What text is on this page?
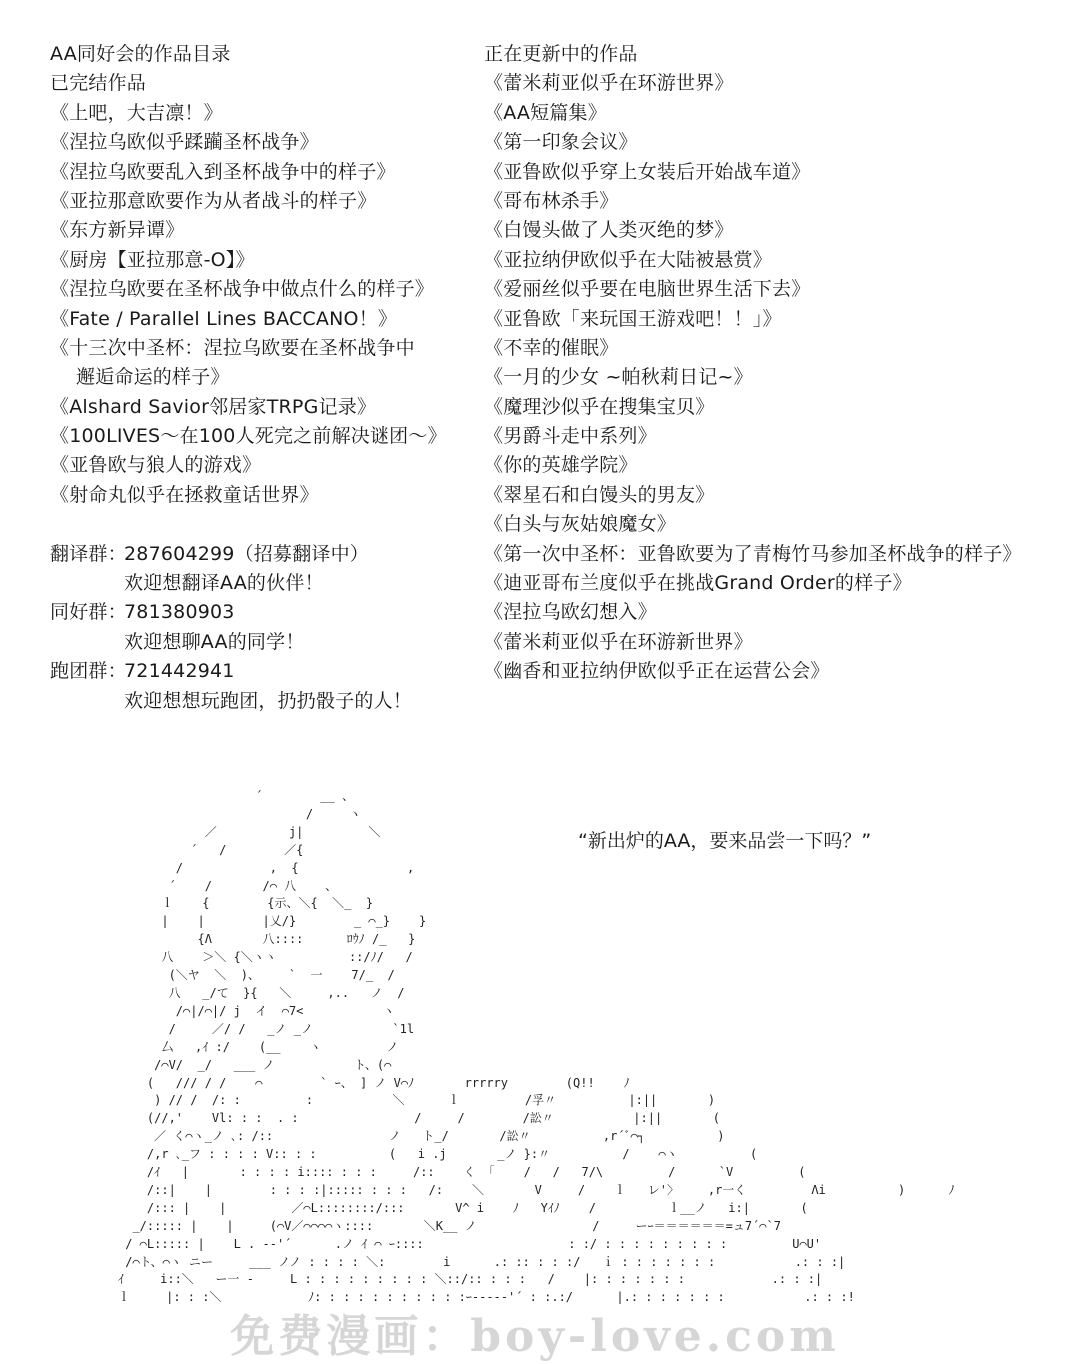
AA同好会的作品目录
已完结作品
《上吧，大吉凛！》
《涅拉乌欧似乎蹂躏圣杯战争》
《涅拉乌欧要乱入到圣杯战争中的样子》
《亚拉那意欧要作为从者战斗的样子》
《东方新异谭》
《厨房【亚拉那意-O】》
《涅拉乌欧要在圣杯战争中做点什么的样子》
《Fate / Parallel Lines BACCANO！》
《十三次中圣杯：涅拉乌欧要在圣杯战争中
邂逅命运的样子》
《Alshard Savior邻居家TRPG记录》
《100LIVES～在100人死完之前解决谜团～》
《亚鲁欧与狼人的游戏》
《射命丸似乎在拯救童话世界》
翻译群：
287604299（招募翻译中）
欢迎想翻译AA的伙伴！
同好群：
781380903
欢迎想聊AA的同学！
跑团群：
721442941
欢迎想想玩跑团，扔扔骰子的人！
正在更新中的作品
《蕾米莉亚似乎在环游世界》
《AA短篇集》
《第一印象会议》
《亚鲁欧似乎穿上女装后开始战车道》
《哥布林杀手》
《白馒头做了人类灭绝的梦》
《亚拉纳伊欧似乎在大陆被悬赏》
《爱丽丝似乎要在电脑世界生活下去》
《亚鲁欧「来玩国王游戏吧！！」》
《不幸的催眠》
《一月的少女 ~帕秋莉日记~》
《魔理沙似乎在搜集宝贝》
《男爵斗走中系列》
《你的英雄学院》
《翠星石和白馒头的男友》
《白头与灰姑娘魔女》
《第一次中圣杯：亚鲁欧要为了青梅竹马参加圣杯战争的样子》
《迪亚哥布兰度似乎在挑战Grand Order的样子》
《涅拉乌欧幻想入》
《蕾米莉亚似乎在环游新世界》
《幽香和亚拉纳伊欧似乎正在运营公会》
´        __ 、
/     ヽ
／          j|         ＼
´   /        ／{
/            ,  {               ,
´    /       /⌒ 八    、
ｌ    {        {示、＼{  ＼_  }
|    |        |乂/}        _ ⌒_}    }
{Λ       八::::      ﾛｳﾉ /_   }
八    ＞＼ {＼ヽヽ          ::/ﾉ/   /
(＼ヤ  ＼  )、    `  一    7/_  /
八   _/て  }{   ＼     ,..   ノ  /
/⌒|/⌒|/ j  イ  ⌒7<           ヽ
/     ／/ /   _ノ _ノ           `1l
厶   ,ｲ :/    (__    ヽ         ノ
/⌒V/  _/   ___ ノ           ト、(⌒
(   /// / /    ⌒        ` ｰ、 ] ノ V⌒ﾉ       rrrrry        (Q!!    ﾉ
) // /  /: :         :           ＼      ｌ         /孚〃          |:||       )
(//,'    Vl: : :  . :                /     /        /訟〃           |:||       (
／ く⌒ヽ_ノ ､: /::                ノ   ト_/       /訟〃          ,r´ﾞ⌒┐          )
/,r ､_フ : : : : V:: : :          (   i .j       _ノ }:〃          /    ⌒ヽ          (
/ｲ   |       : : : : i:::: : : :     /::    く 「    /   /   7/\         /      `V         (
/::|    |        : : : :|::::: : : :   /:    ＼       V     /    ｌ   レ'〉    ,r一く         Λi          )      ﾉ
/::: |    |         ／⌒L::::::::/:::       V^ i    ﾉ   Yｲﾉ    /          ｌ__ノ   i:|       (
_/::::: |    |     (⌒V／⌒⌒⌒⌒ヽ::::       ＼K__ ノ                /     ーｰ＝＝＝＝＝＝=ュ7´⌒`7
/ ⌒L::::: |    L . -‐'´      .ノ ｲ ⌒ ｰ::::                    : :/ : : : : : : : : :         U⌒U'
/⌒ト、⌒ヽ ニー     ___ ノノ : : : : ＼:        i      .: :: : : :/   ｉ : : : : : : :           .: : :|
ｲ     i::＼   ー一 -     L : : : : : : : : : ＼::/:: : : :   /    |: : : : : : :            .: : :|
ｌ     |: : :＼            ﾉ: : : : : : : : : : :ｰ‐‐‐‐‐'´ : :.:/      |.: : : : : : :           .: : :!
“新出炉的AA，要来品尝一下吗？”
免费漫画：boy-love.com
